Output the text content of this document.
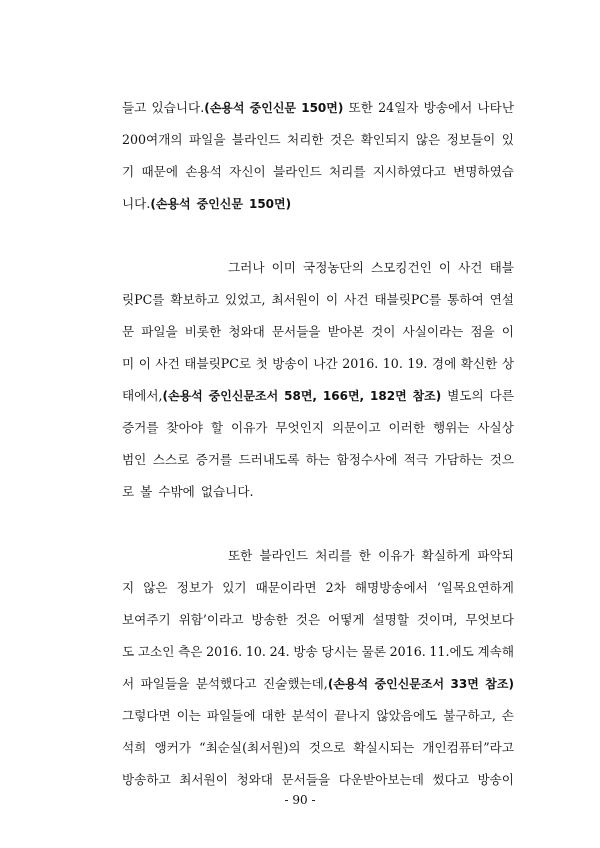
들고 있습니다.(손용석 중인신문 150면) 또한 24일자 방송에서 나타난
200여개의 파일을 블라인드 처리한 것은 확인되지 않은 정보들이 있
기 때문에 손용석 자신이 블라인드 처리를 지시하였다고 변명하였습
니다.(손용석 중인신문 150면)
그러나 이미 국정농단의 스모킹건인 이 사건 태블
릿PC를 확보하고 있었고, 최서원이 이 사건 태블릿PC를 통하여 연설
문 파일을 비롯한 청와대 문서들을 받아본 것이 사실이라는 점을 이
미 이 사건 태블릿PC로 첫 방송이 나간 2016. 10. 19. 경에 확신한 상
태에서,(손용석 중인신문조서 58면, 166면, 182면 참조) 별도의 다른
증거를 찾아야 할 이유가 무엇인지 의문이고 이러한 행위는 사실상
범인 스스로 증거를 드러내도록 하는 함정수사에 적극 가담하는 것으
로 볼 수밖에 없습니다.
또한 블라인드 처리를 한 이유가 확실하게 파악되
지 않은 정보가 있기 때문이라면 2차 해명방송에서 ‘일목요연하게
보여주기 위함’이라고 방송한 것은 어떻게 설명할 것이며, 무엇보다
도 고소인 측은 2016. 10. 24. 방송 당시는 물론 2016. 11.에도 계속해
서 파일들을 분석했다고 진술했는데,(손용석 중인신문조서 33면 참조)
그렇다면 이는 파일들에 대한 분석이 끝나지 않았음에도 불구하고, 손
석희 앵커가 “최순실(최서원)의 것으로 확실시되는 개인컴퓨터”라고
방송하고 최서원이 청와대 문서들을 다운받아보는데 썼다고 방송이
- 90 -
